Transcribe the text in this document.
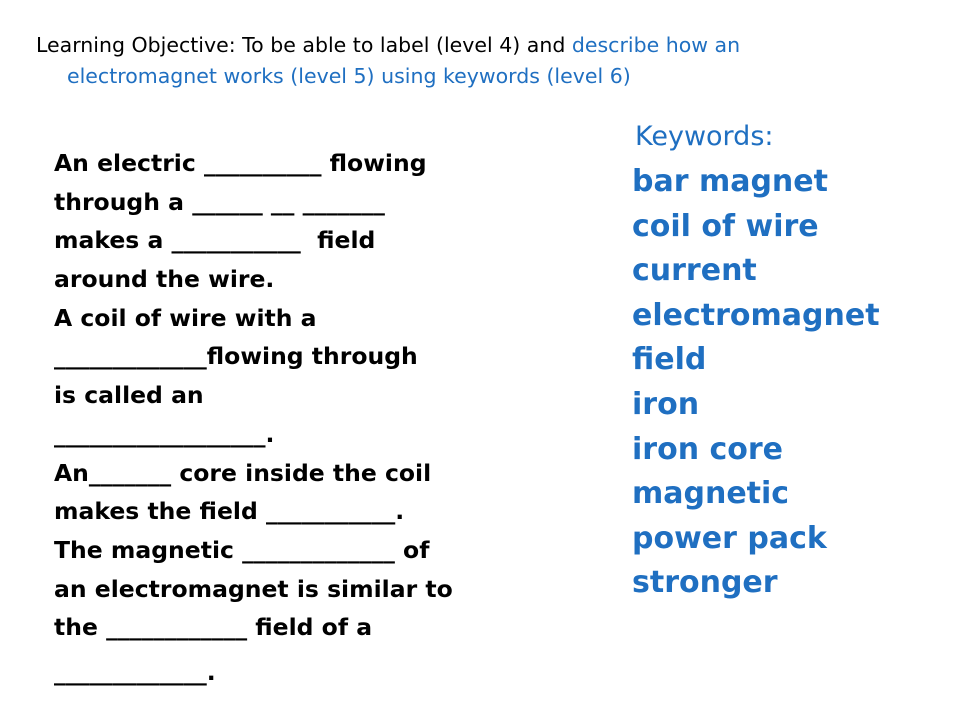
Learning Objective: To be able to label (level 4) and describe how an
electromagnet works (level 5) using keywords (level 6)
An electric __________ flowing
through a ______ __ _______
makes a ___________  field
around the wire.
A coil of wire with a
_____________flowing through
is called an
__________________.
An_______ core inside the coil
makes the field ___________.
The magnetic _____________ of
an electromagnet is similar to
the ____________ field of a
_____________.
Keywords:
bar magnet
coil of wire
current
electromagnet
field
iron
iron core
magnetic
power pack
stronger
